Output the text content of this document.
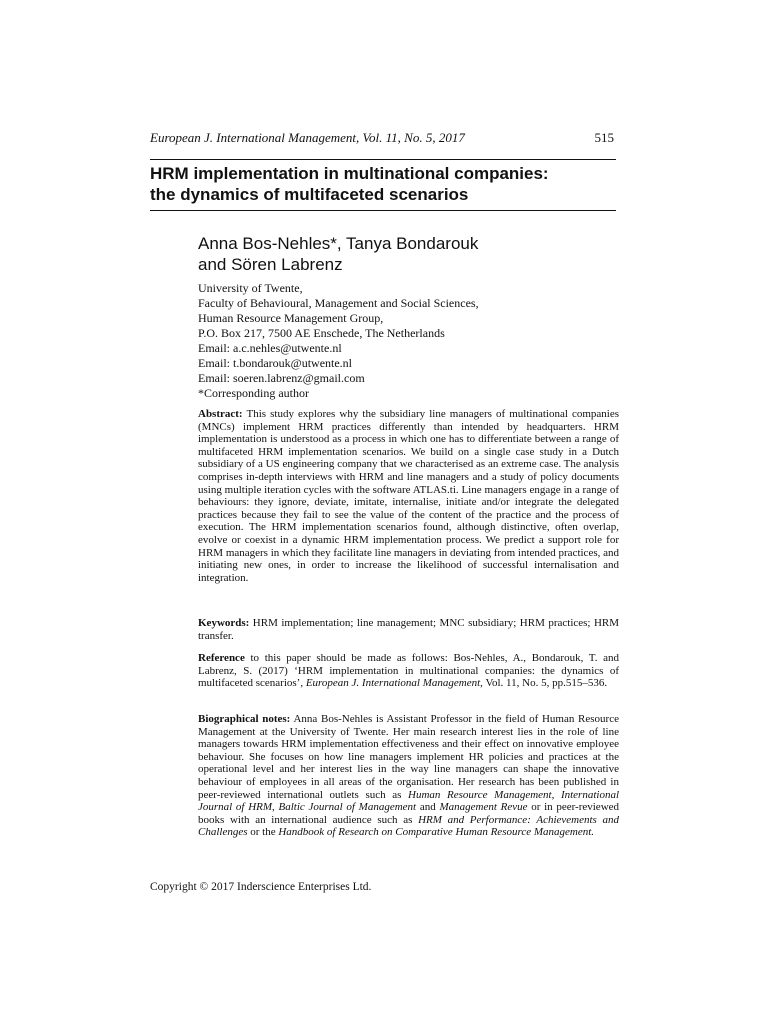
European J. International Management, Vol. 11, No. 5, 2017	515
HRM implementation in multinational companies:
the dynamics of multifaceted scenarios
Anna Bos-Nehles*, Tanya Bondarouk
and Sören Labrenz
University of Twente,
Faculty of Behavioural, Management and Social Sciences,
Human Resource Management Group,
P.O. Box 217, 7500 AE Enschede, The Netherlands
Email: a.c.nehles@utwente.nl
Email: t.bondarouk@utwente.nl
Email: soeren.labrenz@gmail.com
*Corresponding author
Abstract: This study explores why the subsidiary line managers of multinational companies (MNCs) implement HRM practices differently than intended by headquarters. HRM implementation is understood as a process in which one has to differentiate between a range of multifaceted HRM implementation scenarios. We build on a single case study in a Dutch subsidiary of a US engineering company that we characterised as an extreme case. The analysis comprises in-depth interviews with HRM and line managers and a study of policy documents using multiple iteration cycles with the software ATLAS.ti. Line managers engage in a range of behaviours: they ignore, deviate, imitate, internalise, initiate and/or integrate the delegated practices because they fail to see the value of the content of the practice and the process of execution. The HRM implementation scenarios found, although distinctive, often overlap, evolve or coexist in a dynamic HRM implementation process. We predict a support role for HRM managers in which they facilitate line managers in deviating from intended practices, and initiating new ones, in order to increase the likelihood of successful internalisation and integration.
Keywords: HRM implementation; line management; MNC subsidiary; HRM practices; HRM transfer.
Reference to this paper should be made as follows: Bos-Nehles, A., Bondarouk, T. and Labrenz, S. (2017) ‘HRM implementation in multinational companies: the dynamics of multifaceted scenarios’, European J. International Management, Vol. 11, No. 5, pp.515–536.
Biographical notes: Anna Bos-Nehles is Assistant Professor in the field of Human Resource Management at the University of Twente. Her main research interest lies in the role of line managers towards HRM implementation effectiveness and their effect on innovative employee behaviour. She focuses on how line managers implement HR policies and practices at the operational level and her interest lies in the way line managers can shape the innovative behaviour of employees in all areas of the organisation. Her research has been published in peer-reviewed international outlets such as Human Resource Management, International Journal of HRM, Baltic Journal of Management and Management Revue or in peer-reviewed books with an international audience such as HRM and Performance: Achievements and Challenges or the Handbook of Research on Comparative Human Resource Management.
Copyright © 2017 Inderscience Enterprises Ltd.
